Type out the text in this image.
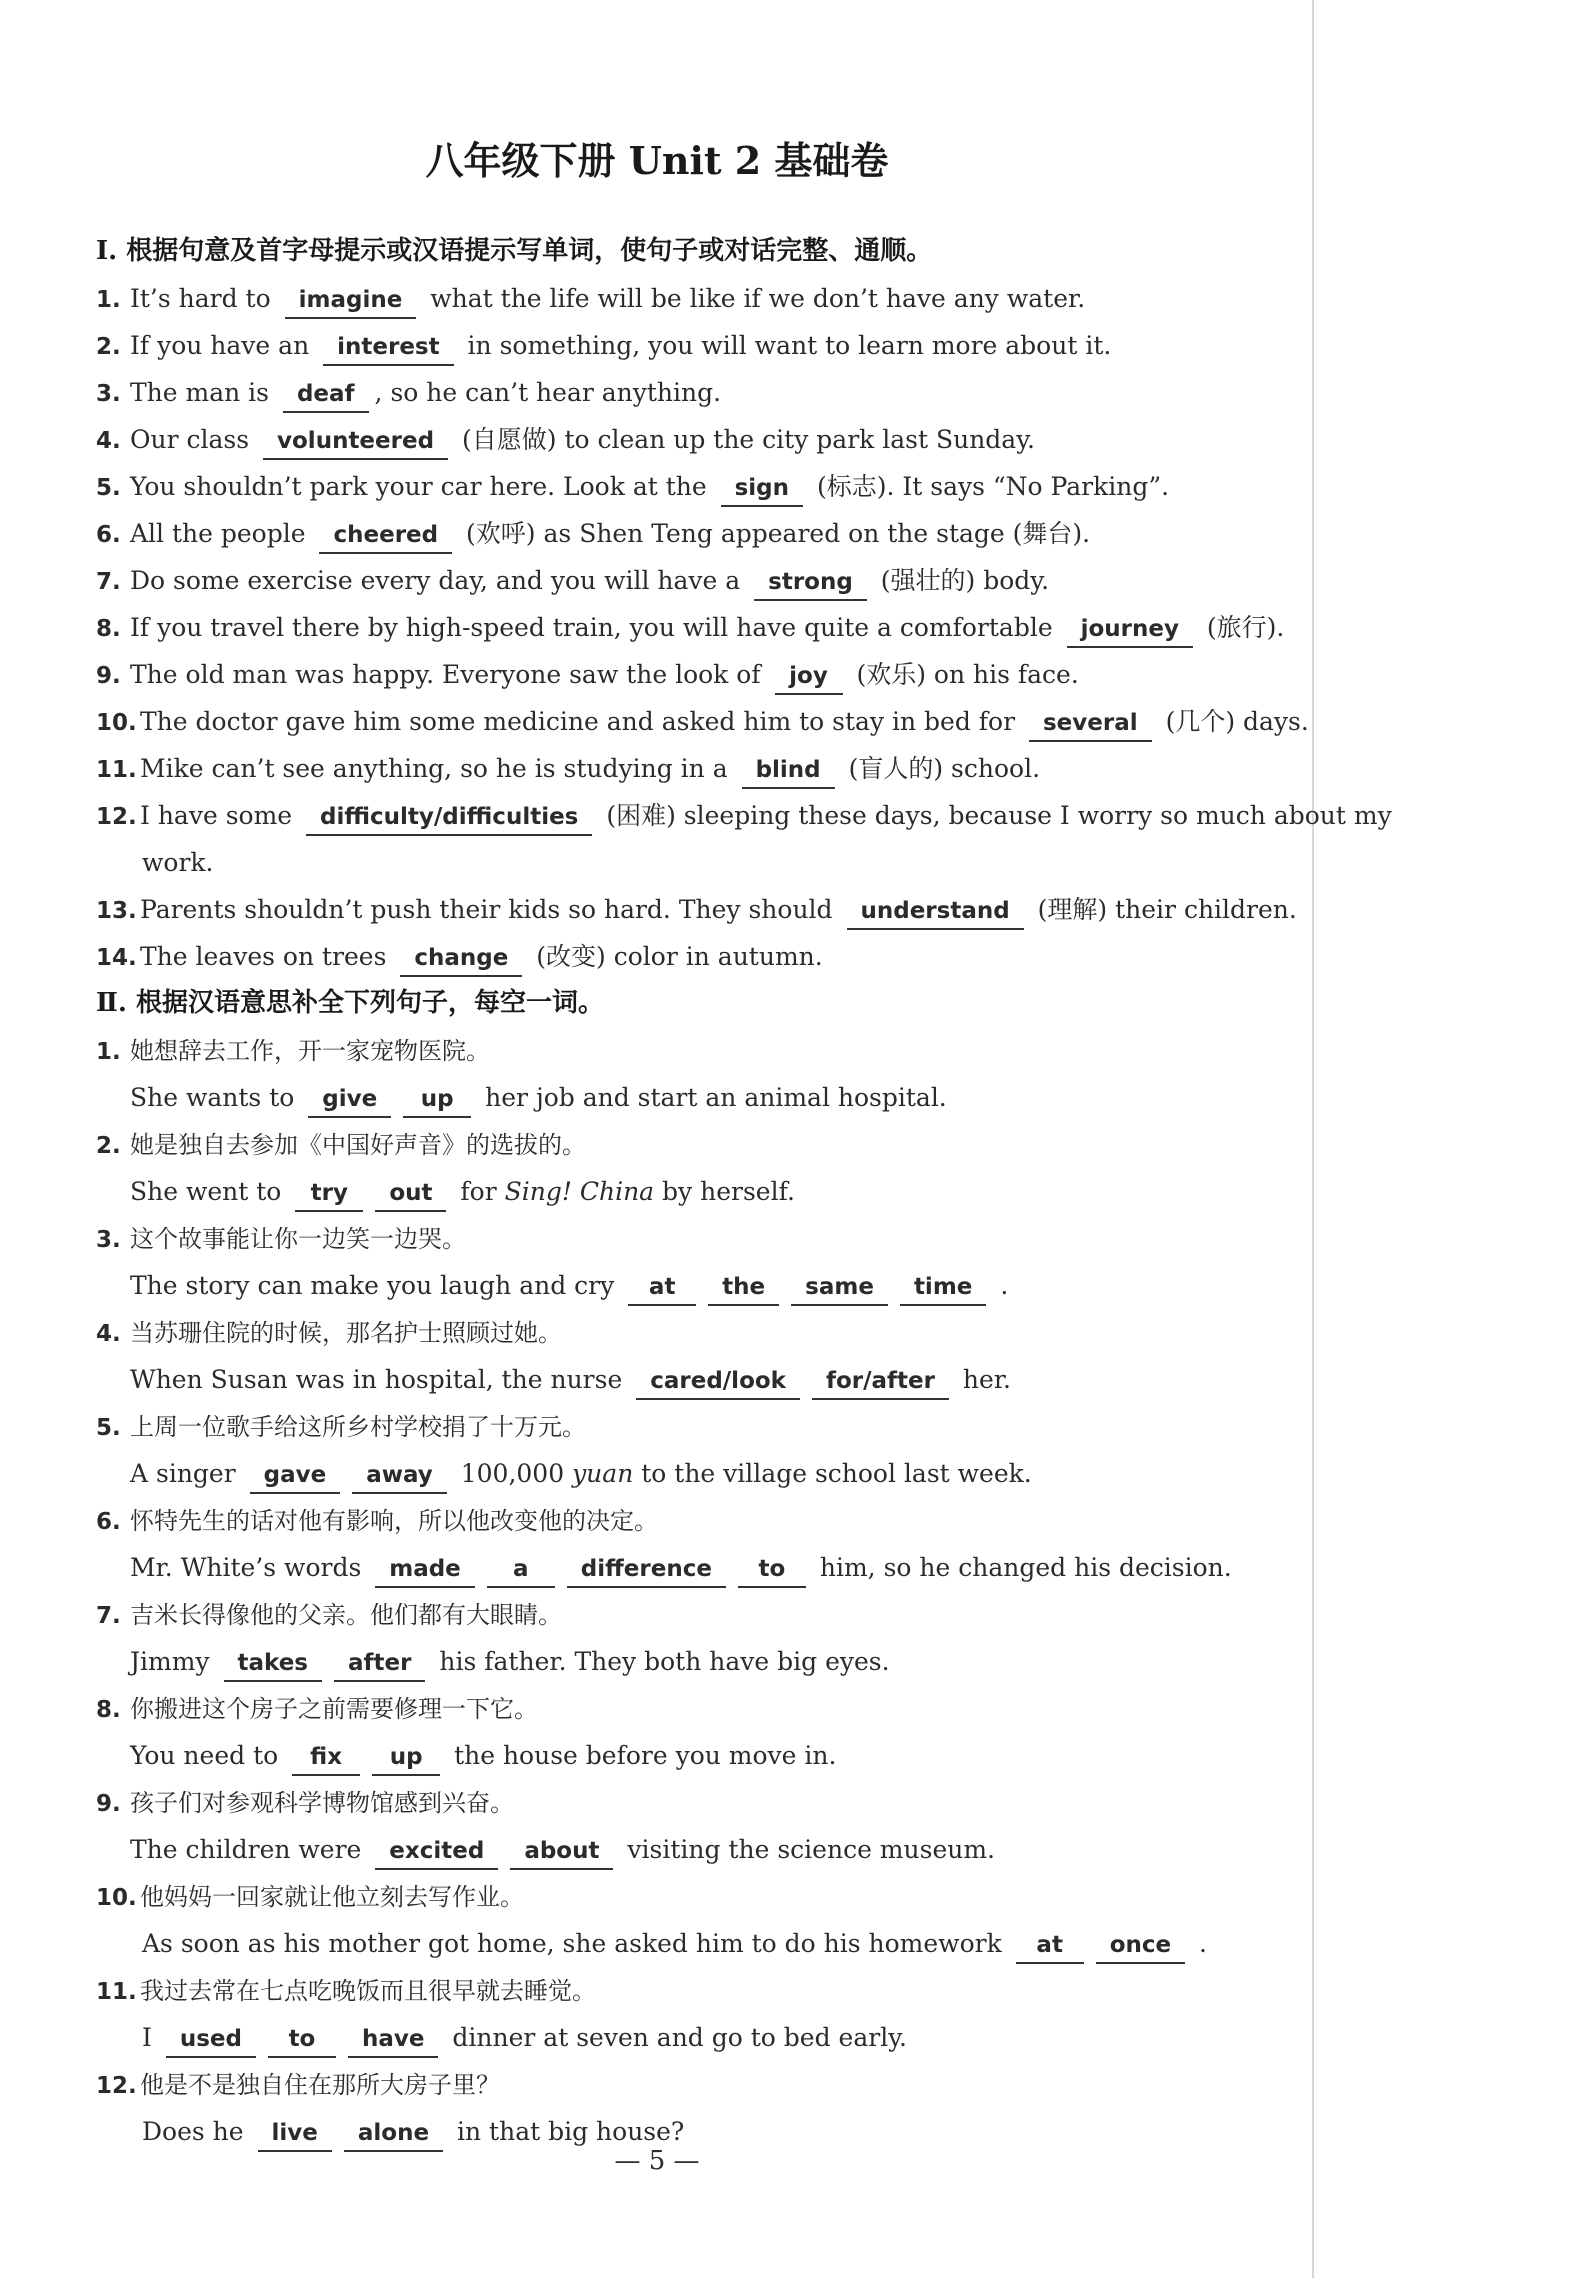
八年级下册 Unit 2 基础卷
Ⅰ. 根据句意及首字母提示或汉语提示写单词，使句子或对话完整、通顺。
1. It’s hard to imagine what the life will be like if we don’t have any water.
2. If you have an interest in something, you will want to learn more about it.
3. The man is deaf , so he can’t hear anything.
4. Our class volunteered (自愿做) to clean up the city park last Sunday.
5. You shouldn’t park your car here. Look at the sign (标志). It says “No Parking”.
6. All the people cheered (欢呼) as Shen Teng appeared on the stage (舞台).
7. Do some exercise every day, and you will have a strong (强壮的) body.
8. If you travel there by high-speed train, you will have quite a comfortable journey (旅行).
9. The old man was happy. Everyone saw the look of joy (欢乐) on his face.
10. The doctor gave him some medicine and asked him to stay in bed for several (几个) days.
11. Mike can’t see anything, so he is studying in a blind (盲人的) school.
12. I have some difficulty/difficulties (困难) sleeping these days, because I worry so much about my
work.
13. Parents shouldn’t push their kids so hard. They should understand (理解) their children.
14. The leaves on trees change (改变) color in autumn.
Ⅱ. 根据汉语意思补全下列句子，每空一词。
1. 她想辞去工作，开一家宠物医院。
She wants to give up her job and start an animal hospital.
2. 她是独自去参加《中国好声音》的选拔的。
She went to try out for Sing! China by herself.
3. 这个故事能让你一边笑一边哭。
The story can make you laugh and cry at the same time .
4. 当苏珊住院的时候，那名护士照顾过她。
When Susan was in hospital, the nurse cared/look for/after her.
5. 上周一位歌手给这所乡村学校捐了十万元。
A singer gave away 100,000 yuan to the village school last week.
6. 怀特先生的话对他有影响，所以他改变他的决定。
Mr. White’s words made a difference to him, so he changed his decision.
7. 吉米长得像他的父亲。他们都有大眼睛。
Jimmy takes after his father. They both have big eyes.
8. 你搬进这个房子之前需要修理一下它。
You need to fix up the house before you move in.
9. 孩子们对参观科学博物馆感到兴奋。
The children were excited about visiting the science museum.
10. 他妈妈一回家就让他立刻去写作业。
As soon as his mother got home, she asked him to do his homework at once .
11. 我过去常在七点吃晚饭而且很早就去睡觉。
I used to have dinner at seven and go to bed early.
12. 他是不是独自住在那所大房子里？
Does he live alone in that big house?
— 5 —
